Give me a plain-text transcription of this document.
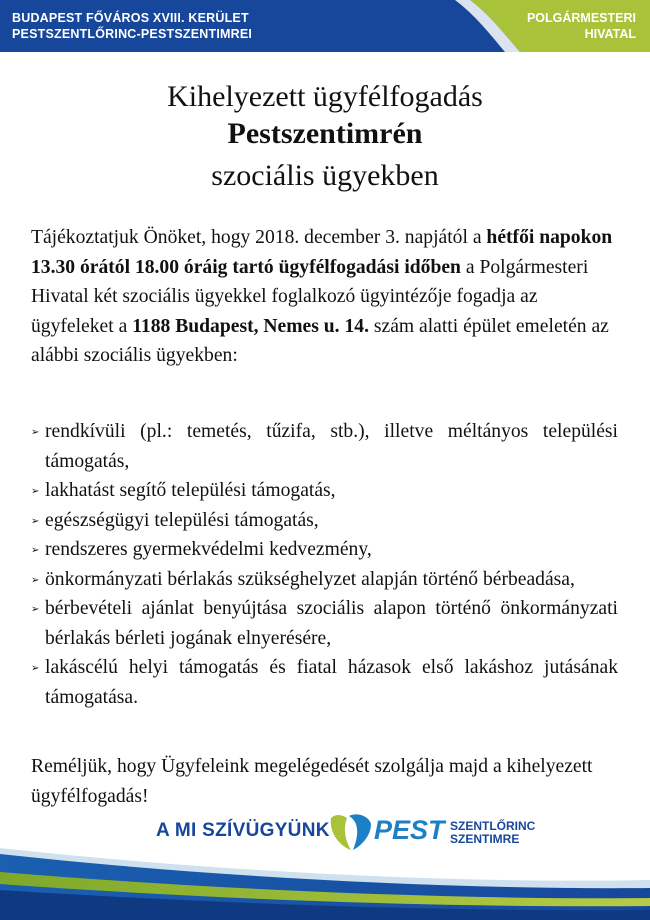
BUDAPEST FŐVÁROS XVIII. KERÜLET
PESTSZENTLŐRINC-PESTSZENTIMREI
POLGÁRMESTERI
HIVATAL
Kihelyezett ügyfélfogadás
Pestszentimrén
szociális ügyekben
Tájékoztatjuk Önöket, hogy 2018. december 3. napjától a hétfői napokon 13.30 órától 18.00 óráig tartó ügyfélfogadási időben a Polgármesteri Hivatal két szociális ügyekkel foglalkozó ügyintézője fogadja az ügyfeleket a 1188 Budapest, Nemes u. 14. szám alatti épület emeletén az alábbi szociális ügyekben:
➢ rendkívüli (pl.: temetés, tűzifa, stb.), illetve méltányos települési támogatás,
➢ lakhatást segítő települési támogatás,
➢ egészségügyi települési támogatás,
➢ rendszeres gyermekvédelmi kedvezmény,
➢ önkormányzati bérlakás szükséghelyzet alapján történő bérbeadása,
➢ bérbevételi ajánlat benyújtása szociális alapon történő önkormányzati bérlakás bérleti jogának elnyerésére,
➢ lakáscélú helyi támogatás és fiatal házasok első lakáshoz jutásának támogatása.
Reméljük, hogy Ügyfeleink megelégedését szolgálja majd a kihelyezett ügyfélfogadás!
A MI SZÍVÜGYÜNK PEST SZENTLŐRINC
SZENTIMRE
